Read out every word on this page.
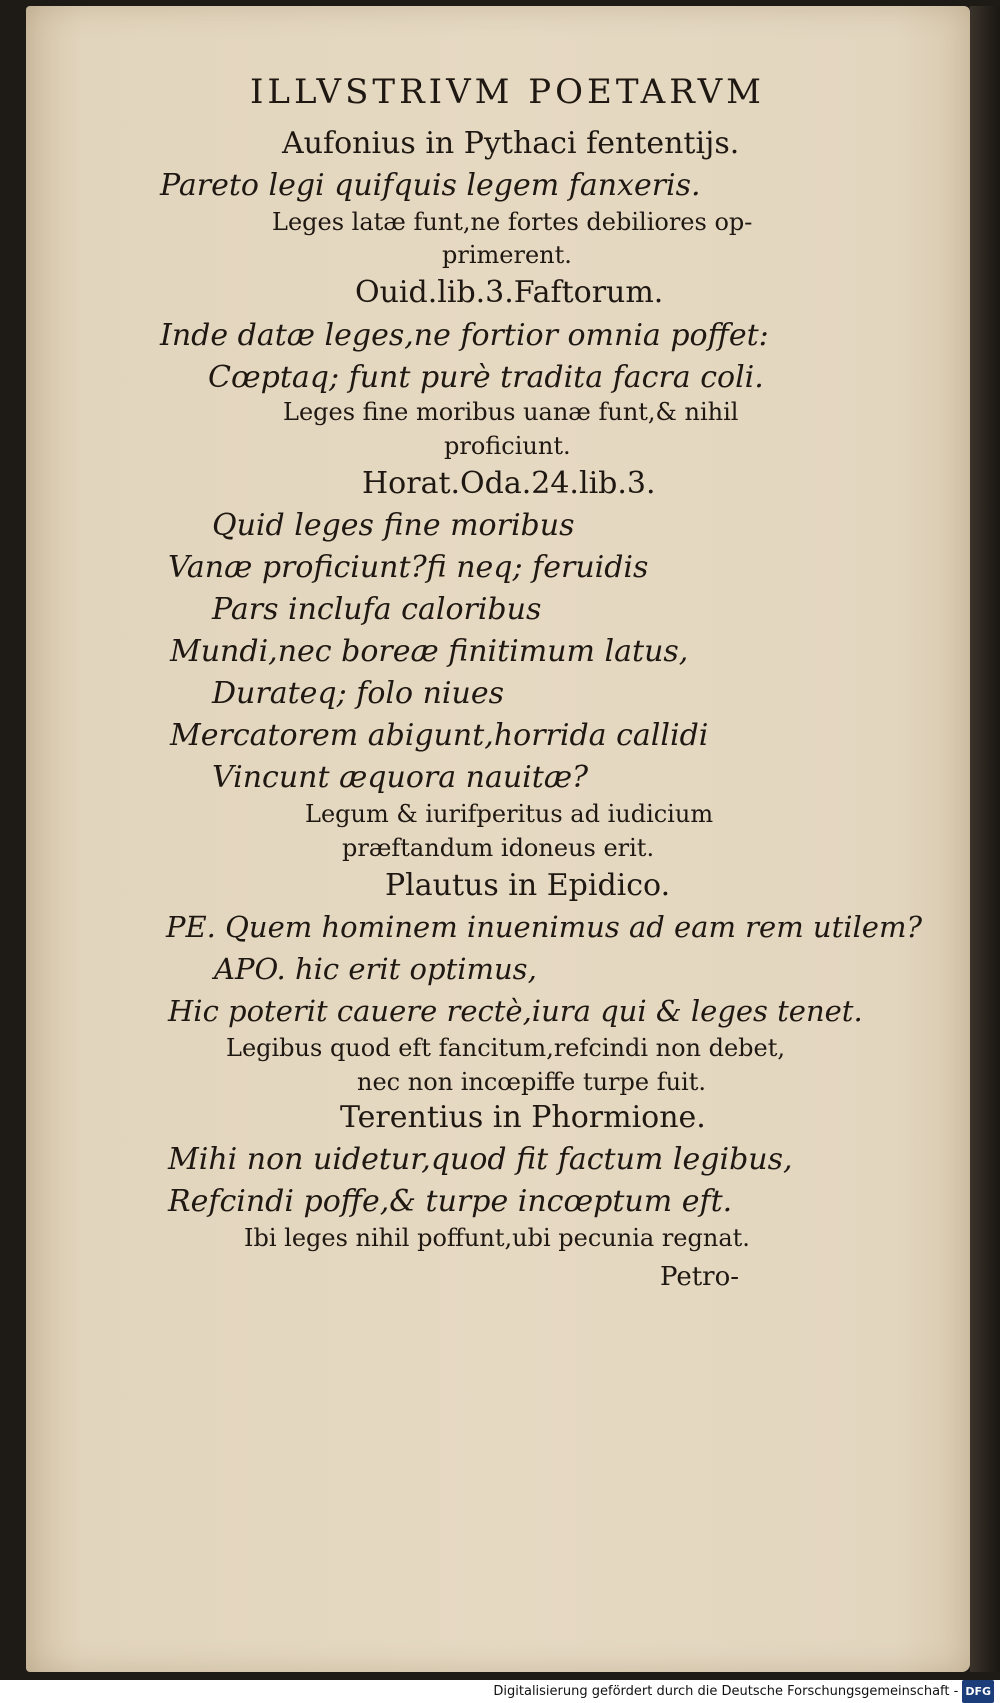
ILLVSTRIVM POETARVM
Aufonius in Pythaci fententijs.
Pareto legi quifquis legem fanxeris.
Leges latæ funt,ne fortes debiliores op-
primerent.
Ouid.lib.3.Faftorum.
Inde datæ leges,ne fortior omnia poffet:
Cœptaq; funt purè tradita facra coli.
Leges fine moribus uanæ funt,& nihil
proficiunt.
Horat.Oda.24.lib.3.
Quid leges fine moribus
Vanæ proficiunt?fi neq; feruidis
Pars inclufa caloribus
Mundi,nec boreæ finitimum latus,
Durateq; folo niues
Mercatorem abigunt,horrida callidi
Vincunt æquora nauitæ?
Legum & iurifperitus ad iudicium
præftandum idoneus erit.
Plautus in Epidico.
PE. Quem hominem inuenimus ad eam rem utilem?
APO. hic erit optimus,
Hic poterit cauere rectè,iura qui & leges tenet.
Legibus quod eft fancitum,refcindi non debet,
nec non incœpiffe turpe fuit.
Terentius in Phormione.
Mihi non uidetur,quod fit factum legibus,
Refcindi poffe,& turpe incœptum eft.
Ibi leges nihil poffunt,ubi pecunia regnat.
Petro-
Digitalisierung gefördert durch die Deutsche Forschungsgemeinschaft - DFG
